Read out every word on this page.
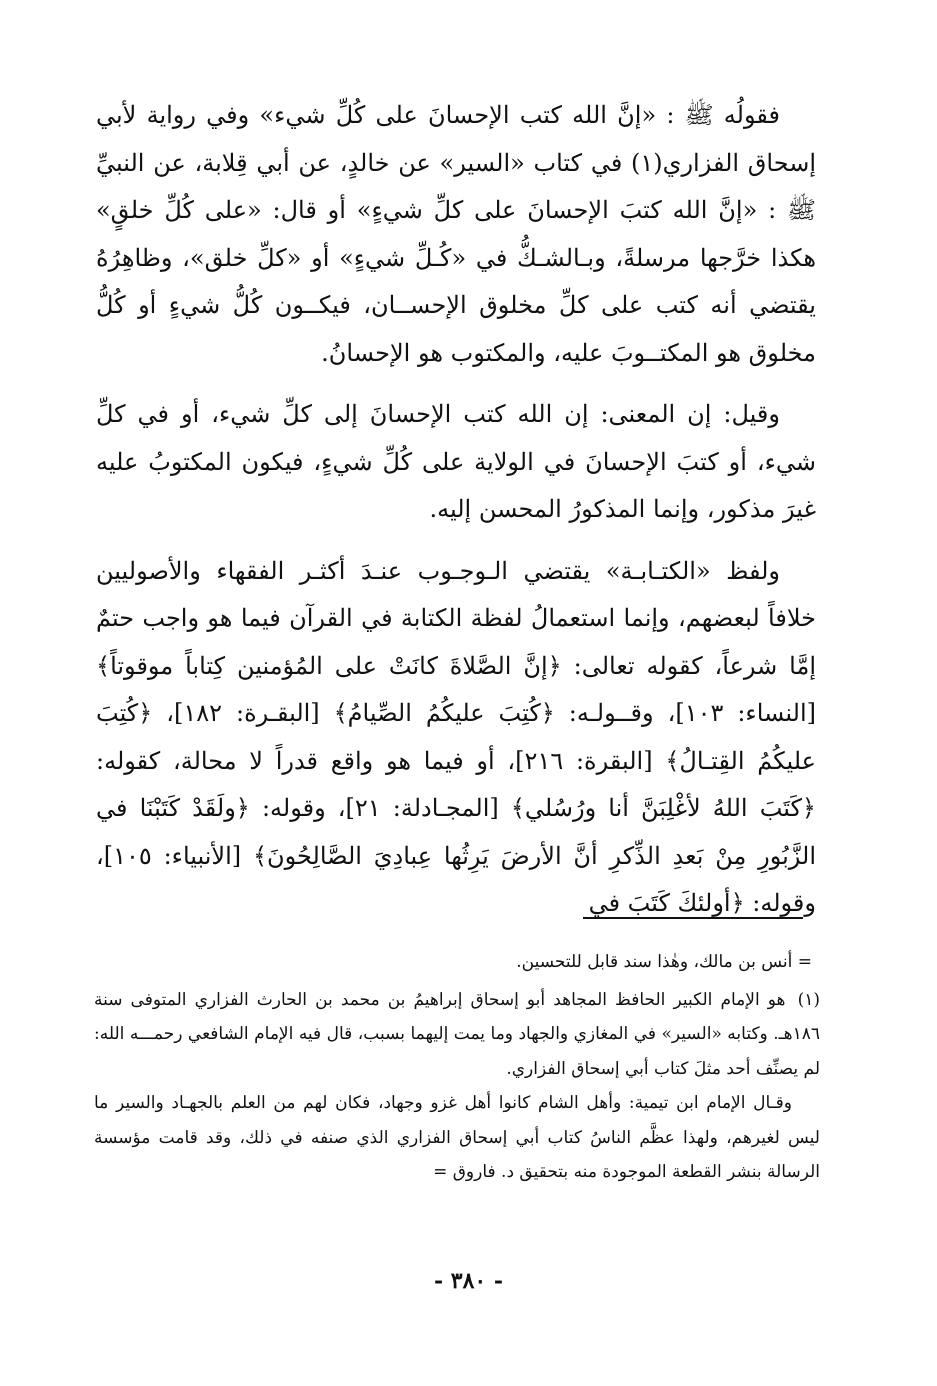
فقولُه ﷺ : «إنَّ الله كتب الإحسانَ على كُلِّ شيء» وفي رواية لأبي إسحاق الفزاري(١) في كتاب «السير» عن خالدٍ، عن أبي قِلابة، عن النبيِّ ﷺ : «إنَّ الله كتبَ الإحسانَ على كلِّ شيءٍ» أو قال: «على كُلِّ خلقٍ» هكذا خرَّجها مرسلةً، وبـالشـكُّ في «كُـلِّ شيءٍ» أو «كلِّ خلق»، وظاهِرُهُ يقتضي أنه كتب على كلِّ مخلوق الإحســان، فيكــون كُلُّ شيءٍ أو كُلُّ مخلوق هو المكتــوبَ عليه، والمكتوب هو الإحسانُ.

وقيل: إن المعنى: إن الله كتب الإحسانَ إلى كلِّ شيء، أو في كلِّ شيء، أو كتبَ الإحسانَ في الولاية على كُلِّ شيءٍ، فيكون المكتوبُ عليه غيرَ مذكور، وإنما المذكورُ المحسن إليه.

ولفظ «الكتـابـة» يقتضي الـوجـوب عنـدَ أكثـر الفقهاء والأصوليين خلافاً لبعضهم، وإنما استعمالُ لفظة الكتابة في القرآن فيما هو واجب حتمٌ إمَّا شرعاً، كقوله تعالى: ﴿إنَّ الصَّلاةَ كانَتْ على المُؤمنين كِتاباً موقوتاً﴾ [النساء: ١٠٣]، وقــولـه: ﴿كُتِبَ عليكُمُ الصِّيامُ﴾ [البقـرة: ١٨٢]، ﴿كُتِبَ عليكُمُ القِتـالُ﴾ [البقرة: ٢١٦]، أو فيما هو واقع قدراً لا محالة، كقوله: ﴿كَتَبَ اللهُ لأغْلِبَنَّ أنا ورُسُلي﴾ [المجـادلة: ٢١]، وقوله: ﴿ولَقَدْ كَتَبْنَا في الزَّبُورِ مِنْ بَعدِ الذِّكرِ أنَّ الأرضَ يَرِثُها عِبادِيَ الصَّالِحُونَ﴾ [الأنبياء: ١٠٥]، وقوله: ﴿أولئكَ كَتَبَ في

= أنس بن مالك، وهٰذا سند قابل للتحسين.

(١) هو الإمام الكبير الحافظ المجاهد أبو إسحاق إبراهيمُ بن محمد بن الحارث الفزاري المتوفى سنة ١٨٦هـ. وكتابه «السير» في المغازي والجهاد وما يمت إليهما بسبب، قال فيه الإمام الشافعي رحمـــه الله: لم يصنِّف أحد مثلَ كتاب أبي إسحاق الفزاري.

وقـال الإمام ابن تيمية: وأهل الشام كانوا أهل غزو وجهاد، فكان لهم من العلم بالجهـاد والسير ما ليس لغيرهم، ولهذا عظَّم الناسُ كتاب أبي إسحاق الفزاري الذي صنفه في ذلك، وقد قامت مؤسسة الرسالة بنشر القطعة الموجودة منه بتحقيق د. فاروق =

- ٣٨٠ -
